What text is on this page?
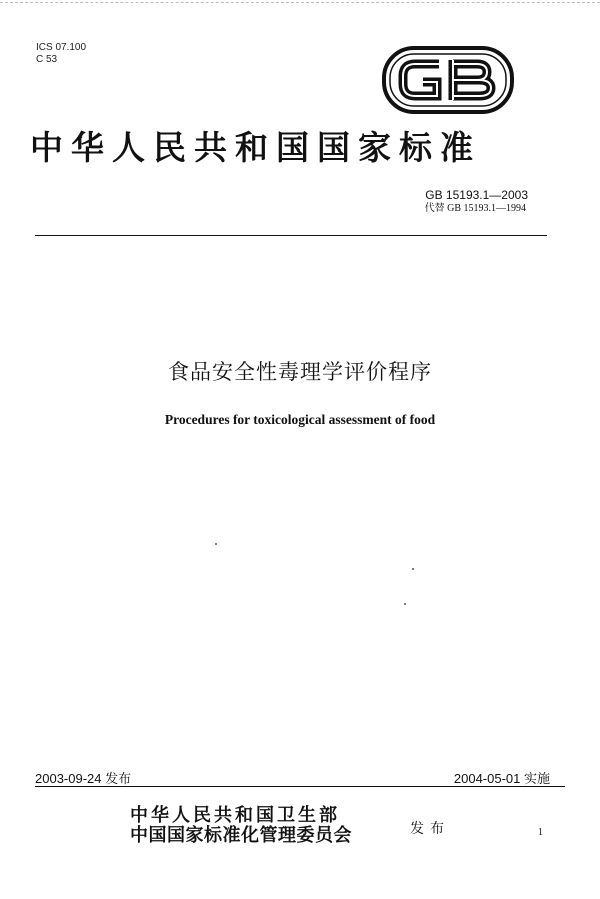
ICS 07.100
C 53
中华人民共和国国家标准
GB 15193.1—2003
代替 GB 15193.1—1994
食品安全性毒理学评价程序
Procedures for toxicological assessment of food
2003-09-24 发布	2004-05-01 实施
中华人民共和国卫生部
中国国家标准化管理委员会	发布	1
